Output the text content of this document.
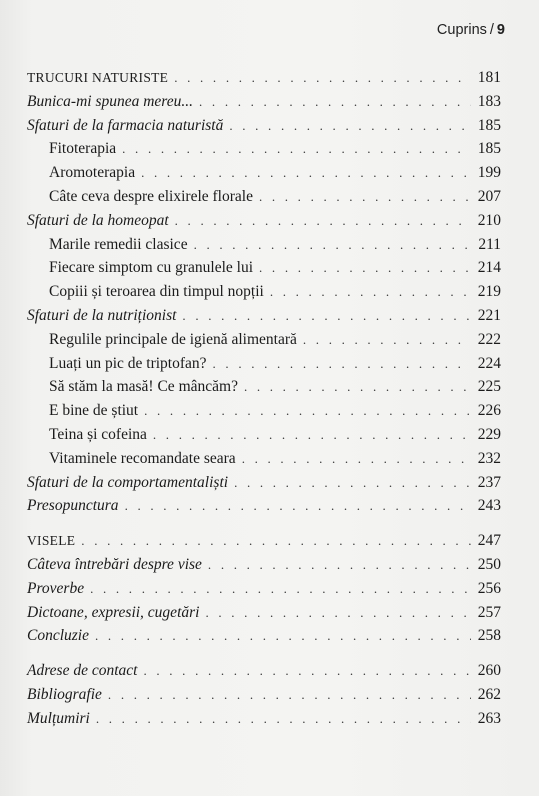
Cuprins / 9
TRUCURI NATURISTE . . .	181
Bunica-mi spunea mereu... . . .	183
Sfaturi de la farmacia naturistă . . .	185
Fitoterapia . . .	185
Aromoterapia . . .	199
Câte ceva despre elixirele florale . . .	207
Sfaturi de la homeopat . . .	210
Marile remedii clasice . . .	211
Fiecare simptom cu granulele lui . . .	214
Copiii și teroarea din timpul nopții . . .	219
Sfaturi de la nutriționist . . .	221
Regulile principale de igienă alimentară . . .	222
Luați un pic de triptofan? . . .	224
Să stăm la masă! Ce mâncăm? . . .	225
E bine de știut . . .	226
Teina și cofeina . . .	229
Vitaminele recomandate seara . . .	232
Sfaturi de la comportamentaliști . . .	237
Presopunctura . . .	243
VISELE . . .	247
Câteva întrebări despre vise . . .	250
Proverbe . . .	256
Dictoane, expresii, cugetări . . .	257
Concluzie . . .	258
Adrese de contact . . .	260
Bibliografie . . .	262
Mulțumiri . . .	263
